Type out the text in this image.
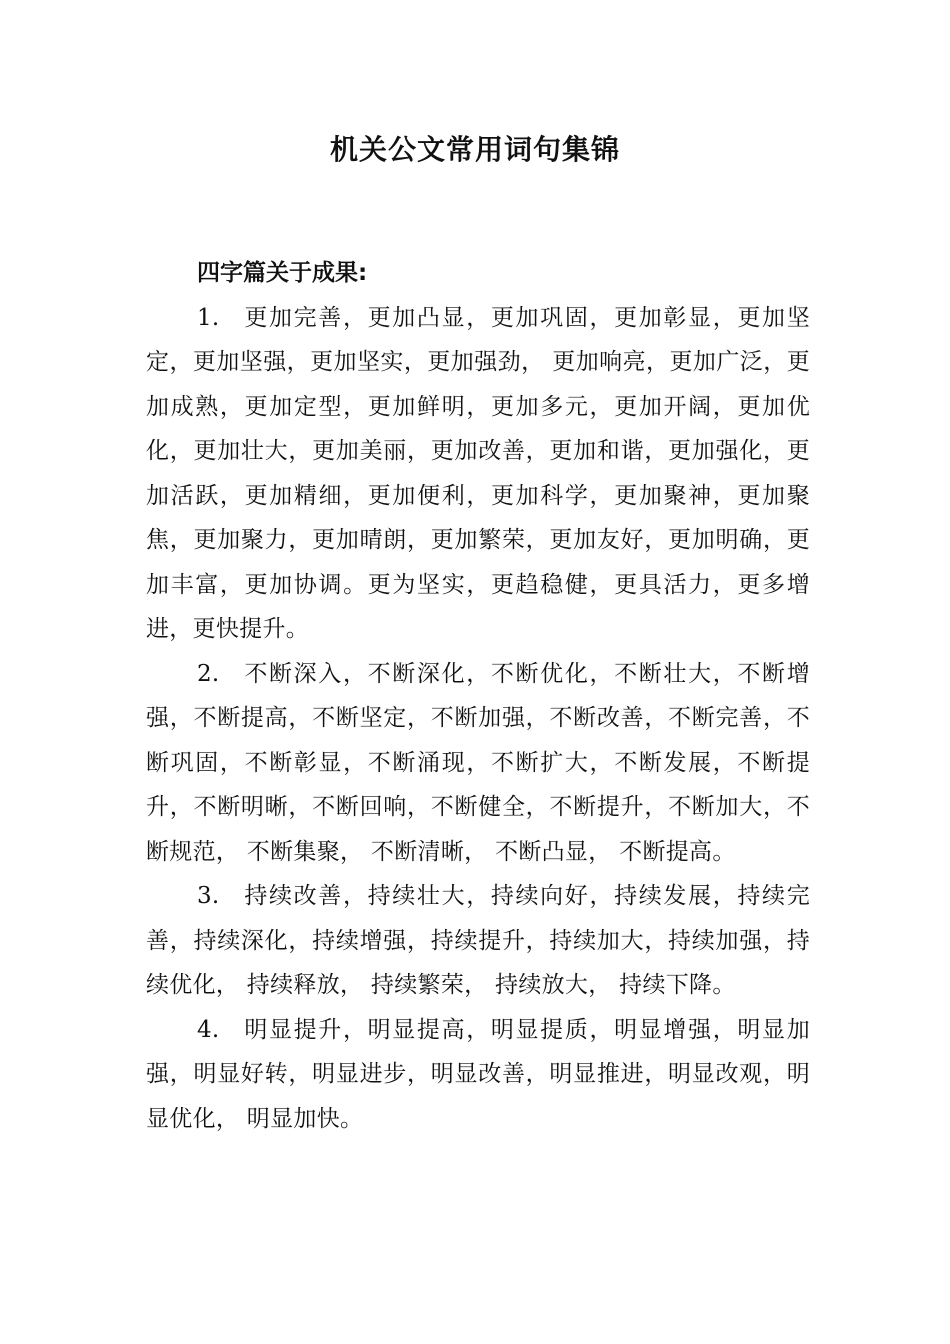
机关公文常用词句集锦

四字篇关于成果:

1. 更加完善，更加凸显，更加巩固，更加彰显，更加坚定，更加坚强，更加坚实，更加强劲， 更加响亮，更加广泛，更加成熟，更加定型，更加鲜明，更加多元，更加开阔，更加优化，更加壮大，更加美丽，更加改善，更加和谐，更加强化，更加活跃，更加精细，更加便利，更加科学，更加聚神，更加聚焦，更加聚力，更加晴朗，更加繁荣，更加友好，更加明确，更加丰富，更加协调。更为坚实，更趋稳健，更具活力，更多增进，更快提升。

2. 不断深入，不断深化，不断优化，不断壮大，不断增强，不断提高，不断坚定，不断加强，不断改善，不断完善，不断巩固，不断彰显，不断涌现，不断扩大，不断发展，不断提升，不断明晰，不断回响，不断健全，不断提升，不断加大，不断规范， 不断集聚， 不断清晰， 不断凸显， 不断提高。

3. 持续改善，持续壮大，持续向好，持续发展，持续完善，持续深化，持续增强，持续提升，持续加大，持续加强，持续优化， 持续释放， 持续繁荣， 持续放大， 持续下降。

4. 明显提升，明显提高，明显提质，明显增强，明显加强，明显好转，明显进步，明显改善，明显推进，明显改观，明显优化， 明显加快。
